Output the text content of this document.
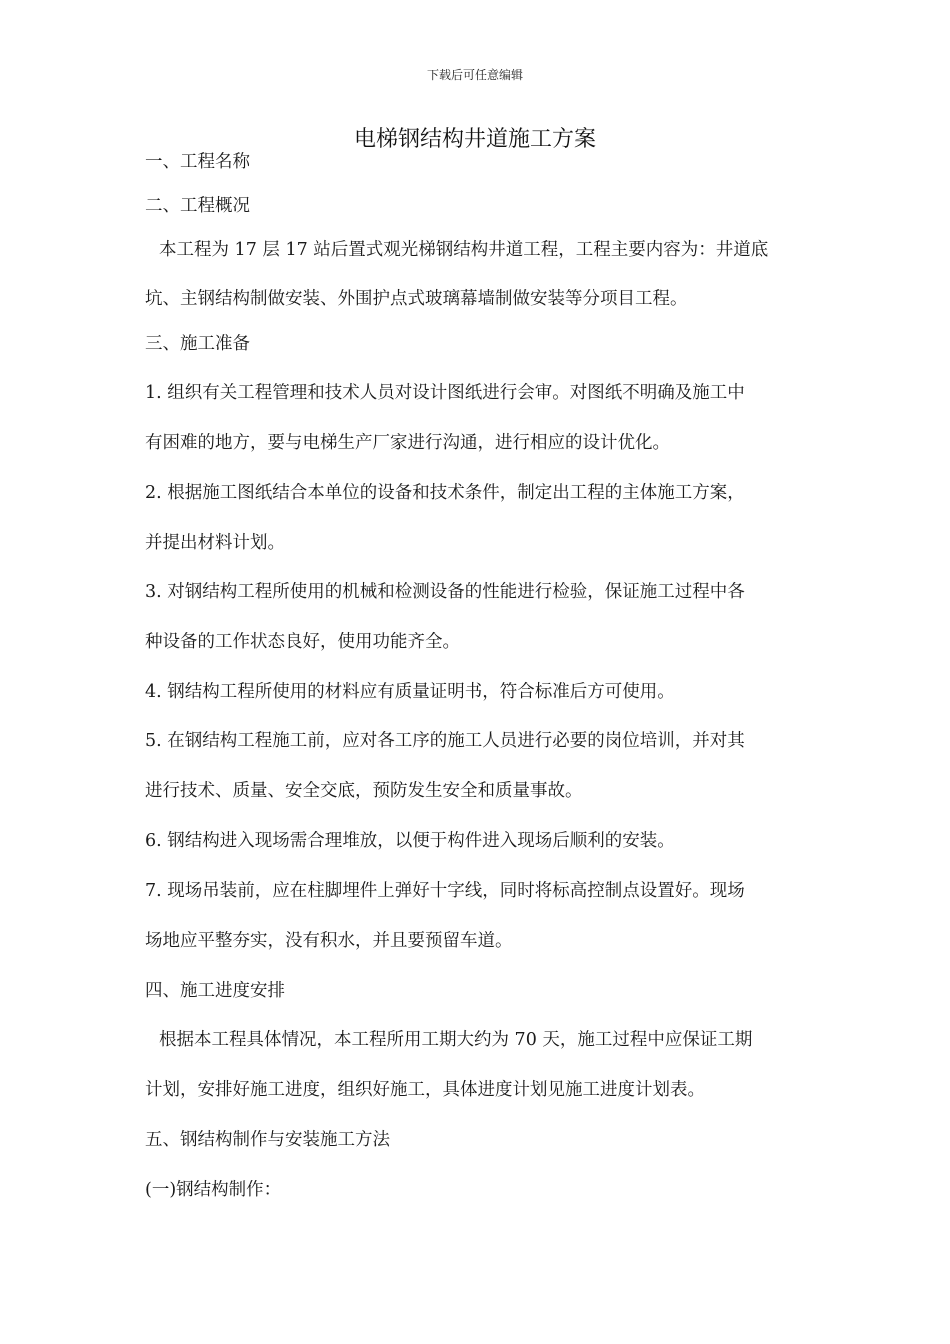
下载后可任意编辑
电梯钢结构井道施工方案
一、工程名称
二、工程概况
本工程为 17 层 17 站后置式观光梯钢结构井道工程，工程主要内容为：井道底
坑、主钢结构制做安装、外围护点式玻璃幕墙制做安装等分项目工程。
三、施工准备
1. 组织有关工程管理和技术人员对设计图纸进行会审。对图纸不明确及施工中
有困难的地方，要与电梯生产厂家进行沟通，进行相应的设计优化。
2. 根据施工图纸结合本单位的设备和技术条件，制定出工程的主体施工方案，
并提出材料计划。
3. 对钢结构工程所使用的机械和检测设备的性能进行检验，保证施工过程中各
种设备的工作状态良好，使用功能齐全。
4. 钢结构工程所使用的材料应有质量证明书，符合标准后方可使用。
5. 在钢结构工程施工前，应对各工序的施工人员进行必要的岗位培训，并对其
进行技术、质量、安全交底，预防发生安全和质量事故。
6. 钢结构进入现场需合理堆放，以便于构件进入现场后顺利的安装。
7. 现场吊装前，应在柱脚埋件上弹好十字线，同时将标高控制点设置好。现场
场地应平整夯实，没有积水，并且要预留车道。
四、施工进度安排
根据本工程具体情况，本工程所用工期大约为 70 天，施工过程中应保证工期
计划，安排好施工进度，组织好施工，具体进度计划见施工进度计划表。
五、钢结构制作与安装施工方法
(一)钢结构制作：
